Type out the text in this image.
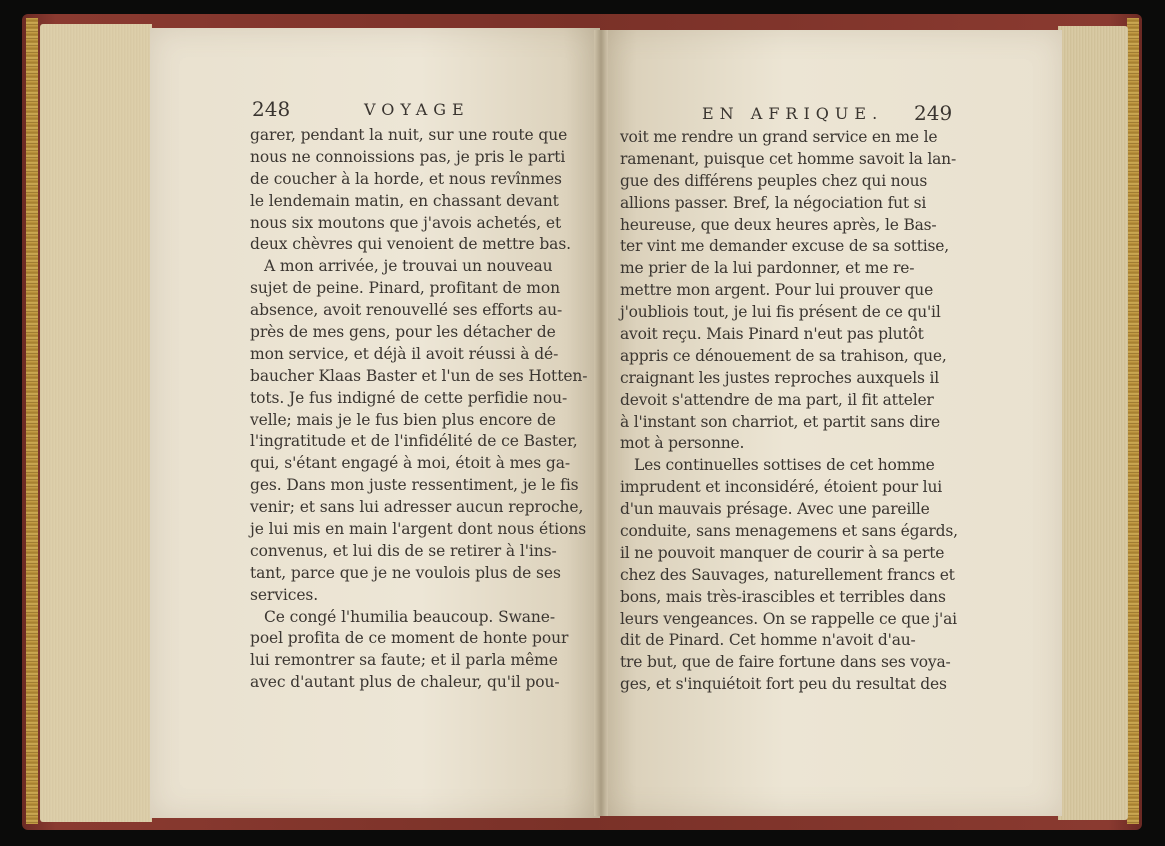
248	VOYAGE	EN AFRIQUE. 249
garer, pendant la nuit, sur une route que
nous ne connoissions pas, je pris le parti
de coucher à la horde, et nous revînmes
le lendemain matin, en chassant devant
nous six moutons que j'avois achetés, et
deux chèvres qui venoient de mettre bas.
A mon arrivée, je trouvai un nouveau
sujet de peine. Pinard, profitant de mon
absence, avoit renouvellé ses efforts au-
près de mes gens, pour les détacher de
mon service, et déjà il avoit réussi à dé-
baucher Klaas Baster et l'un de ses Hotten-
tots. Je fus indigné de cette perfidie nou-
velle; mais je le fus bien plus encore de
l'ingratitude et de l'infidélité de ce Baster,
qui, s'étant engagé à moi, étoit à mes ga-
ges. Dans mon juste ressentiment, je le fis
venir; et sans lui adresser aucun reproche,
je lui mis en main l'argent dont nous étions
convenus, et lui dis de se retirer à l'ins-
tant, parce que je ne voulois plus de ses
services.
Ce congé l'humilia beaucoup. Swane-
poel profita de ce moment de honte pour
lui remontrer sa faute; et il parla même
avec d'autant plus de chaleur, qu'il pou-
voit me rendre un grand service en me le
ramenant, puisque cet homme savoit la lan-
gue des différens peuples chez qui nous
allions passer. Bref, la négociation fut si
heureuse, que deux heures après, le Bas-
ter vint me demander excuse de sa sottise,
me prier de la lui pardonner, et me re-
mettre mon argent. Pour lui prouver que
j'oubliois tout, je lui fis présent de ce qu'il
avoit reçu. Mais Pinard n'eut pas plutôt
appris ce dénouement de sa trahison, que,
craignant les justes reproches auxquels il
devoit s'attendre de ma part, il fit atteler
à l'instant son charriot, et partit sans dire
mot à personne.
Les continuelles sottises de cet homme
imprudent et inconsidéré, étoient pour lui
d'un mauvais présage. Avec une pareille
conduite, sans menagemens et sans égards,
il ne pouvoit manquer de courir à sa perte
chez des Sauvages, naturellement francs et
bons, mais très-irascibles et terribles dans
leurs vengeances. On se rappelle ce que j'ai
dit de Pinard. Cet homme n'avoit d'au-
tre but, que de faire fortune dans ses voya-
ges, et s'inquiétoit fort peu du resultat des
